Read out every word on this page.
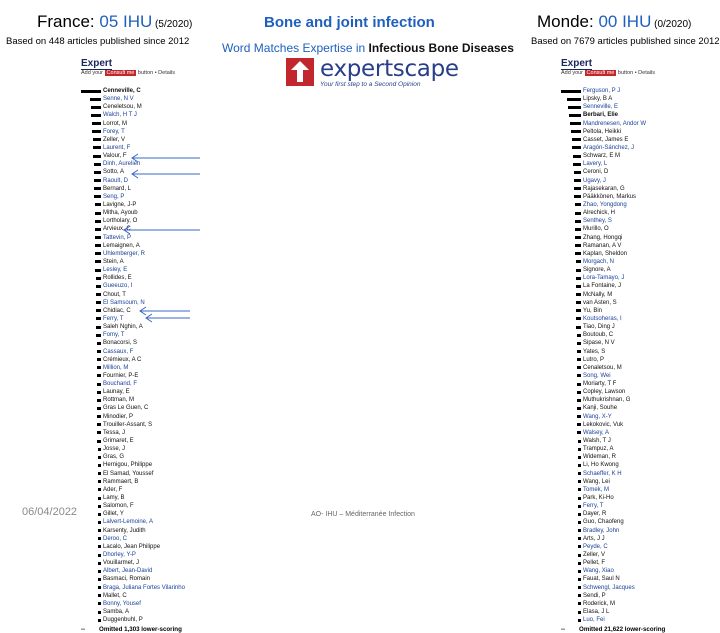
France: 05 IHU (5/2020)
Based on 448 articles published since 2012
Monde: 00 IHU (0/2020)
Based on 7679 articles published since 2012
Bone and joint infection
Word Matches Expertise in Infectious Bone Diseases
expertscape
Your first step to a Second Opinion
Expert
Add your Consult me button • Details
Cenneville, C
Senne, N V
Ceneletsou, M
Walch, H T J
Lorrot, M
Forey, T
Zeller, V
Laurent, F
Valour, F
Dinh, Aurelien
Sotto, A
Raoult, D
Bernard, L
Seng, P
Lavigne, J-P
Mitha, Ayoub
Lortholary, O
Arvieux, C
Tattevin, P
Lemaignen, A
Uhlemberger, R
Stein, A
Lesley, E
Rollides, E
Gueeuzo, I
Chout, T
El Samsoum, N
Chidiac, C
Ferry, T
Saleh Nghin, A
Fomy, T
Bonacorsi, S
Cassaux, F
Crémieux, A C
Million, M
Fournier, P-E
Bouchand, F
Launay, E
Rottman, M
Gras Le Guen, C
Minodier, P
Trouiller-Assant, S
Tessa, J
Grimaret, E
Josse, J
Gras, G
Hernigou, Philippe
El Samad, Youssef
Rammaert, B
Ader, F
Lamy, B
Salomon, F
Gillet, Y
Lalvert-Lemoine, A
Karsenty, Judith
Deroo, C
Lacalo, Jean Philippe
Dhorley, Y-P
Vouillarmet, J
Albert, Jean-David
Basmaci, Romain
Braga, Juliana Fortes Vilarinho
Mallet, C
Bonny, Yousef
Samba, A
Duggenbuhl, P
-- Omitted 1,303 lower-scoring
Expert
Add your Consult me button • Details
Ferguson, P J
Lipsky, B A
Senneville, E
Berbari, Elie
Mandrenesen, Andor W
Peltola, Heikki
Casset, James E
Aragón-Sánchez, J
Schwarz, E M
Lavery, L
Ceroni, D
Ugavy, J
Rajasekaran, G
Pääkkönen, Markus
Zhao, Yongdong
Alrechick, H
Senthey, S
Murillo, O
Zhang, Hongqi
Ramanan, A V
Kaplan, Sheldon
Morgach, N
Signore, A
Lora-Tamayo, J
La Fontaine, J
McNally, M
van Asten, S
Yu, Bin
Koutsoheras, I
Tiao, Ding J
Boutoub, C
Sipase, N V
Yates, S
Lutro, P
Cenaletsou, M
Song, Wei
Moriarty, T F
Copley, Lawson
Muthukrishnan, G
Kanji, Souhe
Wang, X-Y
Lekokovic, Vuk
Walsey, A
Walsh, T J
Trampuz, A
Wideman, R
Li, Ho Kwong
Schaeffer, K H
Wang, Lei
Tomek, M
Park, Ki-Ho
Ferry, T
Dayer, R
Guo, Chaofeng
Bradley, John
Arts, J J
Peyde, C
Zeller, V
Pellet, F
Wang, Xiao
Fauat, Saul N
Schwengl, Jacques
Sendi, P
Roderick, M
Elasa, J L
Luo, Fei
-- Omitted 21,622 lower-scoring
06/04/2022	AO- IHU – Méditerranée Infection
